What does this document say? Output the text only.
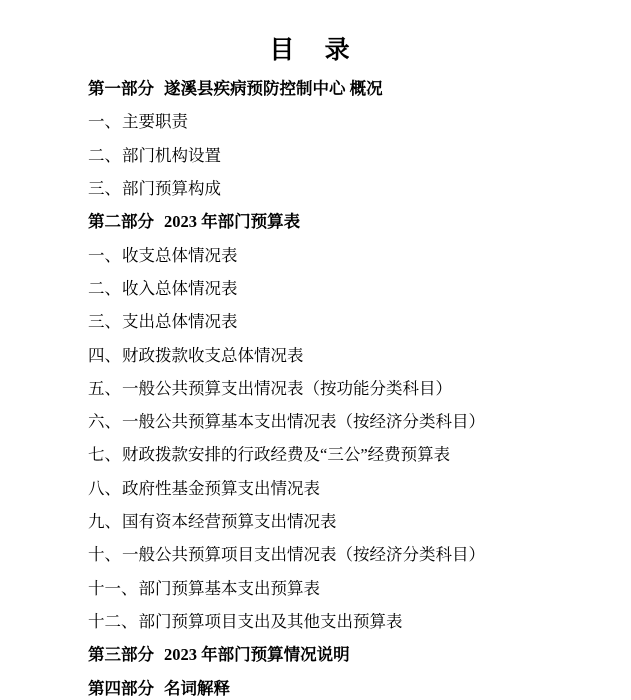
目 录
第一部分 遂溪县疾病预防控制中心 概况
一、主要职责
二、部门机构设置
三、部门预算构成
第二部分 2023 年部门预算表
一、收支总体情况表
二、收入总体情况表
三、支出总体情况表
四、财政拨款收支总体情况表
五、一般公共预算支出情况表（按功能分类科目）
六、一般公共预算基本支出情况表（按经济分类科目）
七、财政拨款安排的行政经费及“三公”经费预算表
八、政府性基金预算支出情况表
九、国有资本经营预算支出情况表
十、一般公共预算项目支出情况表（按经济分类科目）
十一、部门预算基本支出预算表
十二、部门预算项目支出及其他支出预算表
第三部分 2023 年部门预算情况说明
第四部分 名词解释
